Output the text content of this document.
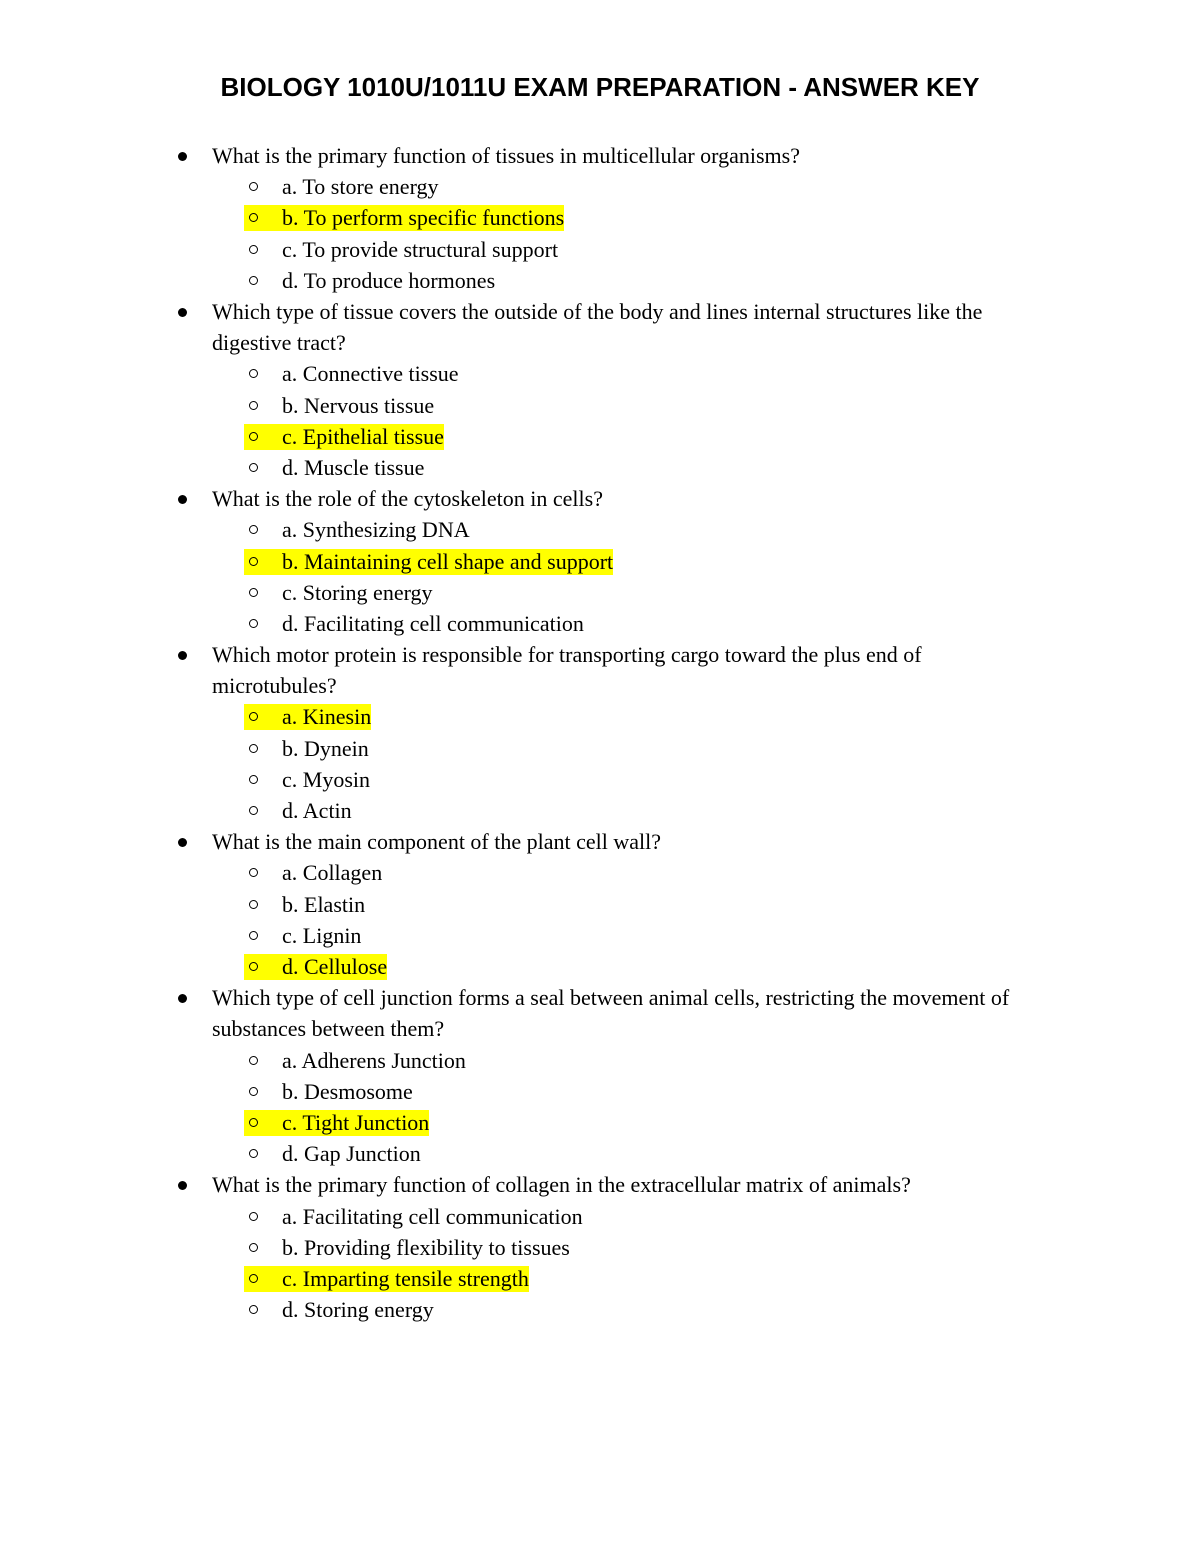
BIOLOGY 1010U/1011U EXAM PREPARATION - ANSWER KEY
What is the primary function of tissues in multicellular organisms?
a. To store energy
b. To perform specific functions
c. To provide structural support
d. To produce hormones
Which type of tissue covers the outside of the body and lines internal structures like the digestive tract?
a. Connective tissue
b. Nervous tissue
c. Epithelial tissue
d. Muscle tissue
What is the role of the cytoskeleton in cells?
a. Synthesizing DNA
b. Maintaining cell shape and support
c. Storing energy
d. Facilitating cell communication
Which motor protein is responsible for transporting cargo toward the plus end of microtubules?
a. Kinesin
b. Dynein
c. Myosin
d. Actin
What is the main component of the plant cell wall?
a. Collagen
b. Elastin
c. Lignin
d. Cellulose
Which type of cell junction forms a seal between animal cells, restricting the movement of substances between them?
a. Adherens Junction
b. Desmosome
c. Tight Junction
d. Gap Junction
What is the primary function of collagen in the extracellular matrix of animals?
a. Facilitating cell communication
b. Providing flexibility to tissues
c. Imparting tensile strength
d. Storing energy
